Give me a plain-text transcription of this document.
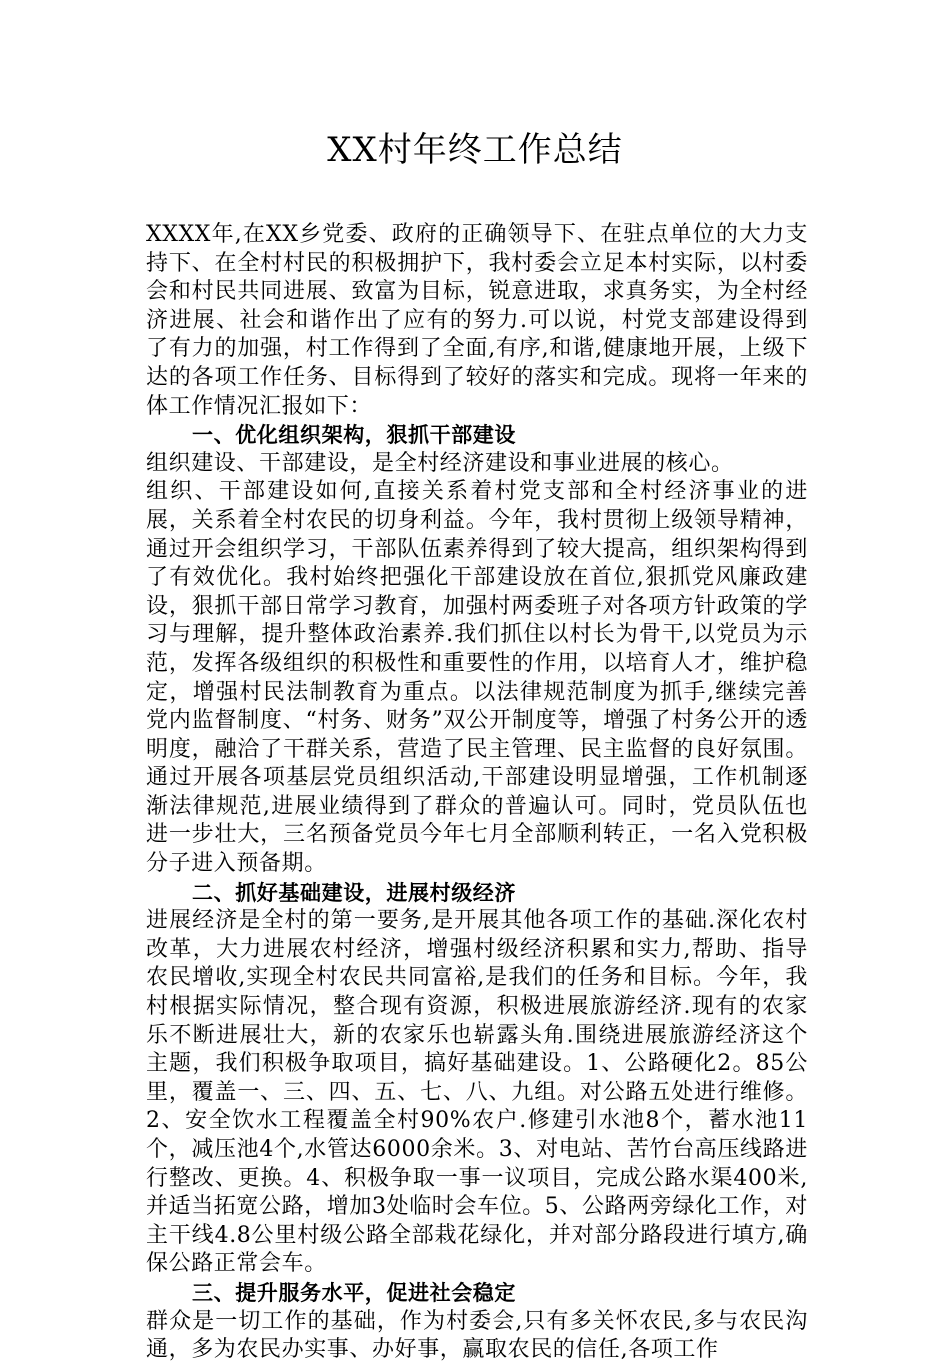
XX村年终工作总结

XXXX年,在XX乡党委、政府的正确领导下、在驻点单位的大力支持下、在全村村民的积极拥护下，我村委会立足本村实际，以村委会和村民共同进展、致富为目标，锐意进取，求真务实，为全村经济进展、社会和谐作出了应有的努力.可以说，村党支部建设得到了有力的加强，村工作得到了全面,有序,和谐,健康地开展，上级下达的各项工作任务、目标得到了较好的落实和完成。现将一年来的体工作情况汇报如下：

一、优化组织架构，狠抓干部建设

组织建设、干部建设，是全村经济建设和事业进展的核心。

组织、干部建设如何,直接关系着村党支部和全村经济事业的进展，关系着全村农民的切身利益。今年，我村贯彻上级领导精神，通过开会组织学习，干部队伍素养得到了较大提高，组织架构得到了有效优化。我村始终把强化干部建设放在首位,狠抓党风廉政建设，狠抓干部日常学习教育，加强村两委班子对各项方针政策的学习与理解，提升整体政治素养.我们抓住以村长为骨干,以党员为示范，发挥各级组织的积极性和重要性的作用，以培育人才，维护稳定，增强村民法制教育为重点。以法律规范制度为抓手,继续完善党内监督制度、“村务、财务”双公开制度等，增强了村务公开的透明度，融洽了干群关系，营造了民主管理、民主监督的良好氛围。通过开展各项基层党员组织活动,干部建设明显增强，工作机制逐渐法律规范,进展业绩得到了群众的普遍认可。同时，党员队伍也进一步壮大，三名预备党员今年七月全部顺利转正，一名入党积极分子进入预备期。

二、抓好基础建设，进展村级经济

进展经济是全村的第一要务,是开展其他各项工作的基础.深化农村改革，大力进展农村经济，增强村级经济积累和实力,帮助、指导农民增收,实现全村农民共同富裕,是我们的任务和目标。今年，我村根据实际情况，整合现有资源，积极进展旅游经济.现有的农家乐不断进展壮大，新的农家乐也崭露头角.围绕进展旅游经济这个主题，我们积极争取项目，搞好基础建设。1、公路硬化2。85公里，覆盖一、三、四、五、七、八、九组。对公路五处进行维修。2、安全饮水工程覆盖全村90%农户.修建引水池8个，蓄水池11个，减压池4个,水管达6000余米。3、对电站、苦竹台高压线路进行整改、更换。4、积极争取一事一议项目，完成公路水渠400米,并适当拓宽公路，增加3处临时会车位。5、公路两旁绿化工作，对主干线4.8公里村级公路全部栽花绿化，并对部分路段进行填方,确保公路正常会车。

三、提升服务水平，促进社会稳定

群众是一切工作的基础，作为村委会,只有多关怀农民,多与农民沟通，多为农民办实事、办好事，赢取农民的信任,各项工作
